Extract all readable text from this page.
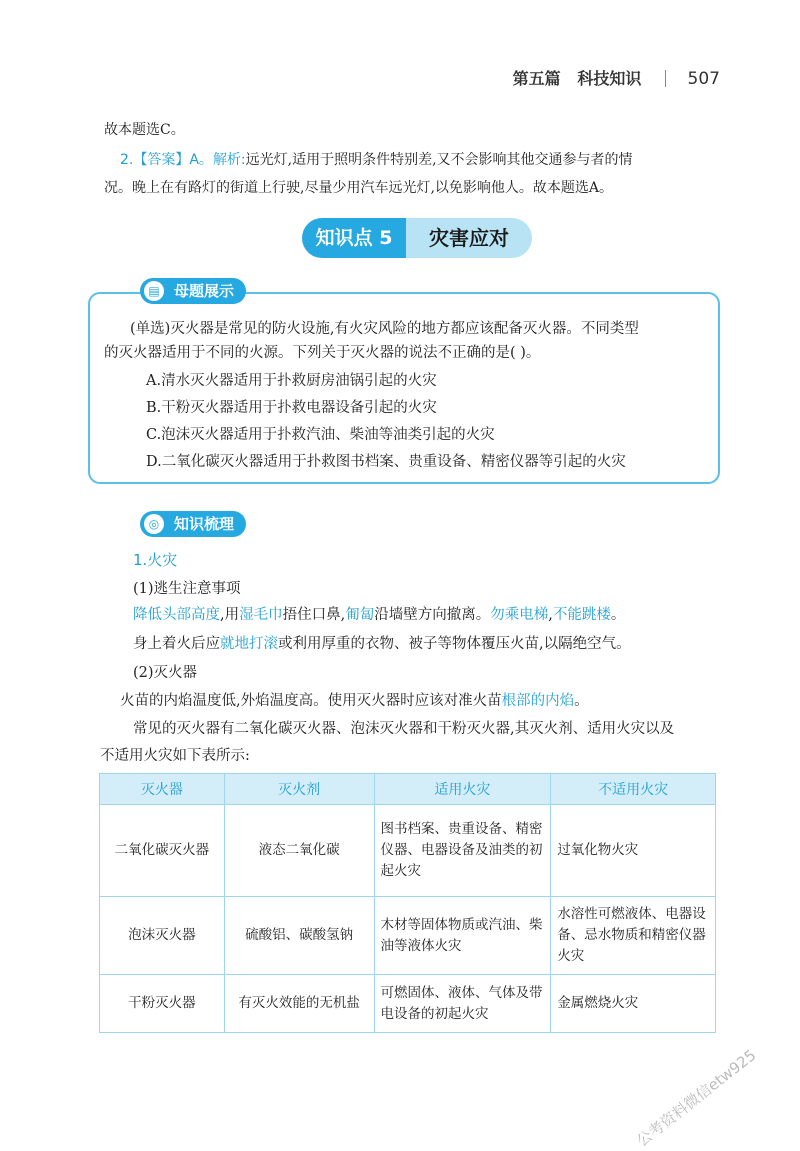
第五篇 科技知识	507
故本题选C。
2.【答案】A。解析:远光灯,适用于照明条件特别差,又不会影响其他交通参与者的情
况。晚上在有路灯的街道上行驶,尽量少用汽车远光灯,以免影响他人。故本题选A。
知识点 5	灾害应对
▤ 母题展示
(单选)灭火器是常见的防火设施,有火灾风险的地方都应该配备灭火器。不同类型
的灭火器适用于不同的火源。下列关于灭火器的说法不正确的是( )。
A.清水灭火器适用于扑救厨房油锅引起的火灾
B.干粉灭火器适用于扑救电器设备引起的火灾
C.泡沫灭火器适用于扑救汽油、柴油等油类引起的火灾
D.二氧化碳灭火器适用于扑救图书档案、贵重设备、精密仪器等引起的火灾
◎ 知识梳理
1.火灾
(1)逃生注意事项
降低头部高度,用湿毛巾捂住口鼻,匍匐沿墙壁方向撤离。勿乘电梯,不能跳楼。
身上着火后应就地打滚或利用厚重的衣物、被子等物体覆压火苗,以隔绝空气。
(2)灭火器
火苗的内焰温度低,外焰温度高。使用灭火器时应该对准火苗根部的内焰。
常见的灭火器有二氧化碳灭火器、泡沫灭火器和干粉灭火器,其灭火剂、适用火灾以及
不适用火灾如下表所示:
灭火器	灭火剂	适用火灾	不适用火灾
二氧化碳灭火器	液态二氧化碳	图书档案、贵重设备、精密仪器、电器设备及油类的初起火灾	过氧化物火灾
泡沫灭火器	硫酸铝、碳酸氢钠	木材等固体物质或汽油、柴油等液体火灾	水溶性可燃液体、电器设备、忌水物质和精密仪器火灾
干粉灭火器	有灭火效能的无机盐	可燃固体、液体、气体及带电设备的初起火灾	金属燃烧火灾
公考资料微信etw925
